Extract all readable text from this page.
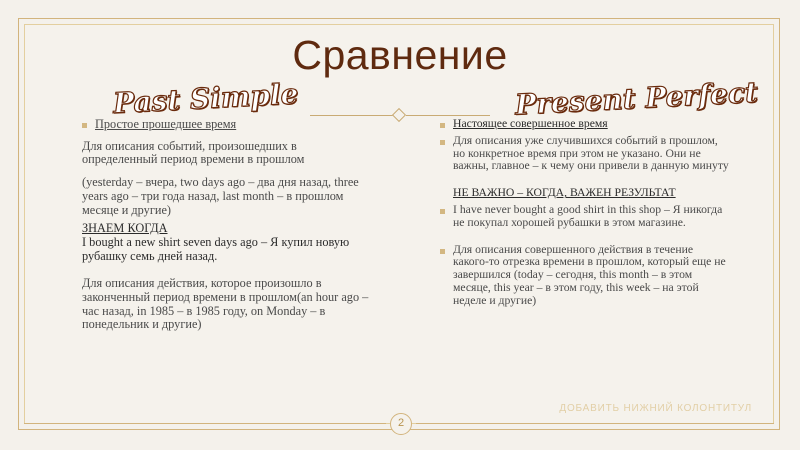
Сравнение
Past Simple	Present Perfect

Простое прошедшее время

Для описания событий, произошедших в определенный период времени в прошлом

(yesterday – вчера, two days ago – два дня назад, three years ago – три года назад, last month – в прошлом месяце и другие)

ЗНАЕМ КОГДА

I bought a new shirt seven days ago – Я купил новую рубашку семь дней назад.

Для описания действия, которое произошло в законченный период времени в прошлом(an hour ago – час назад, in 1985 – в 1985 году, on Monday – в понедельник и другие)

Настоящее совершенное время

Для описания уже случившихся событий в прошлом, но конкретное время при этом не указано. Они не важны, главное – к чему они привели в данную минуту

НЕ ВАЖНО – КОГДА, ВАЖЕН РЕЗУЛЬТАТ

I have never bought a good shirt in this shop – Я никогда не покупал хорошей рубашки в этом магазине.

Для описания совершенного действия в течение какого-то отрезка времени в прошлом, который еще не завершился (today – сегодня, this month – в этом месяце, this year – в этом году, this week – на этой неделе и другие)

ДОБАВИТЬ НИЖНИЙ КОЛОНТИТУЛ
2
